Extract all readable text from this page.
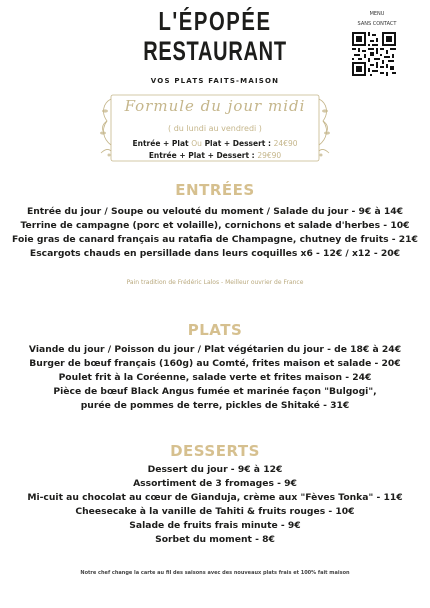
L'ÉPOPÉE
RESTAURANT
VOS PLATS FAITS-MAISON
MENU
SANS CONTACT
Formule du jour midi
( du lundi au vendredi )
Entrée + Plat Ou Plat + Dessert : 24€90
Entrée + Plat + Dessert : 29€90
ENTRÉES
Entrée du jour / Soupe ou velouté du moment / Salade du jour - 9€ à 14€
Terrine de campagne (porc et volaille), cornichons et salade d'herbes - 10€
Foie gras de canard français au ratafia de Champagne, chutney de fruits - 21€
Escargots chauds en persillade dans leurs coquilles x6 - 12€ / x12 - 20€
Pain tradition de Frédéric Lalos - Meilleur ouvrier de France
PLATS
Viande du jour / Poisson du jour / Plat végétarien du jour - de 18€ à 24€
Burger de bœuf français (160g) au Comté, frites maison et salade - 20€
Poulet frit à la Coréenne, salade verte et frites maison - 24€
Pièce de bœuf Black Angus fumée et marinée façon "Bulgogi",
purée de pommes de terre, pickles de Shitaké - 31€
DESSERTS
Dessert du jour - 9€ à 12€
Assortiment de 3 fromages - 9€
Mi-cuit au chocolat au cœur de Gianduja, crème aux "Fèves Tonka" - 11€
Cheesecake à la vanille de Tahiti & fruits rouges - 10€
Salade de fruits frais minute - 9€
Sorbet du moment - 8€
Notre chef change la carte au fil des saisons avec des nouveaux plats frais et 100% fait maison
